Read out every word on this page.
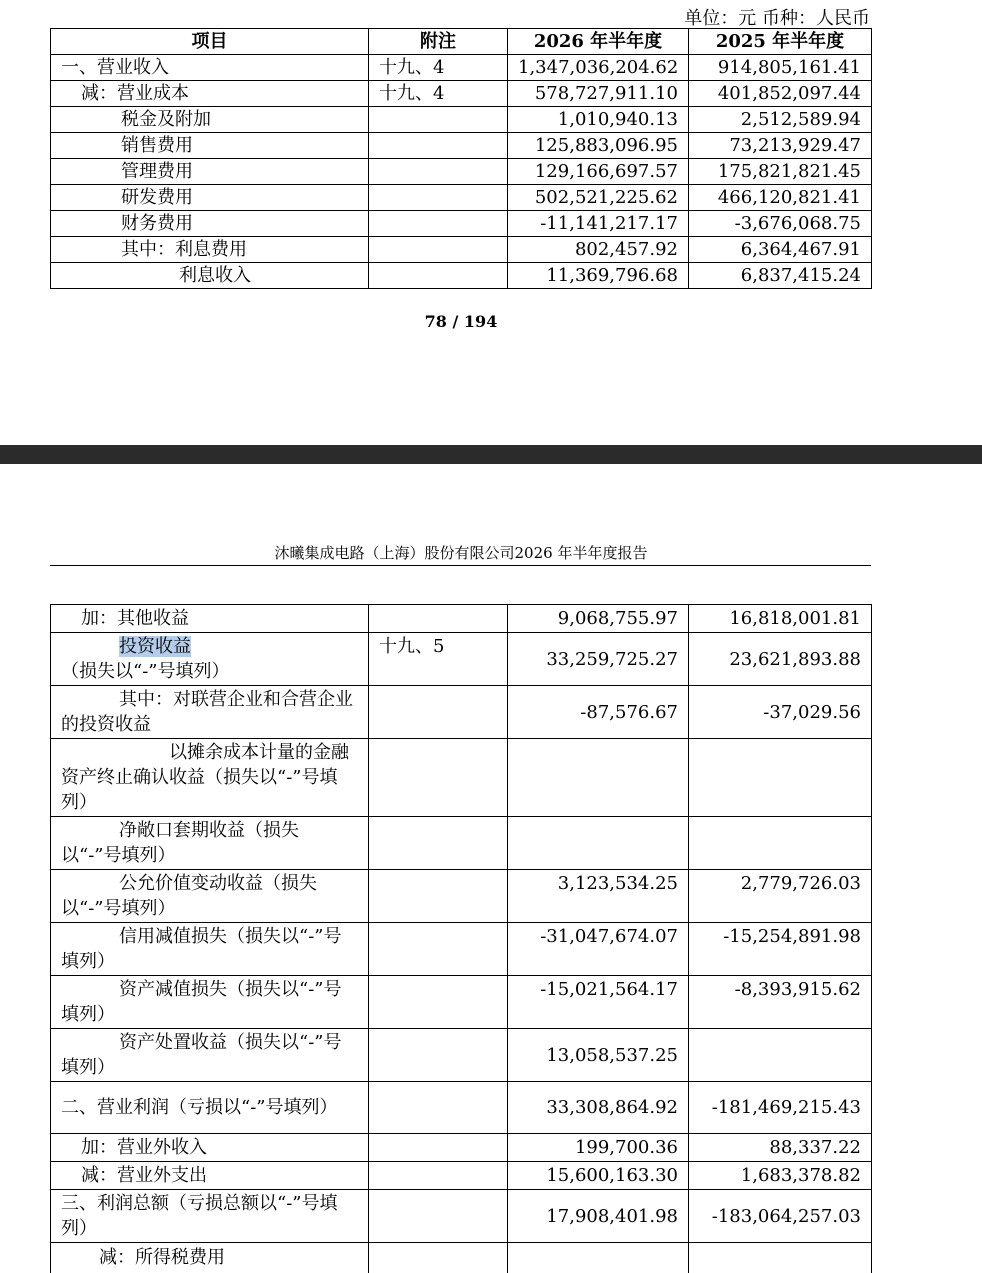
单位：元 币种：人民币
项目	附注	2026 年半年度	2025 年半年度
一、营业收入	十九、4	1,347,036,204.62	914,805,161.41
减：营业成本	十九、4	578,727,911.10	401,852,097.44
税金及附加		1,010,940.13	2,512,589.94
销售费用		125,883,096.95	73,213,929.47
管理费用		129,166,697.57	175,821,821.45
研发费用		502,521,225.62	466,120,821.41
财务费用		-11,141,217.17	-3,676,068.75
其中：利息费用		802,457.92	6,364,467.91
利息收入		11,369,796.68	6,837,415.24
78 / 194
沐曦集成电路（上海）股份有限公司2026 年半年度报告
加：其他收益		9,068,755.97	16,818,001.81
投资收益（损失以“-”号填列）	十九、5	33,259,725.27	23,621,893.88
其中：对联营企业和合营企业的投资收益		-87,576.67	-37,029.56
以摊余成本计量的金融资产终止确认收益（损失以“-”号填列）			
净敞口套期收益（损失以“-”号填列）			
公允价值变动收益（损失以“-”号填列）		3,123,534.25	2,779,726.03
信用减值损失（损失以“-”号填列）		-31,047,674.07	-15,254,891.98
资产减值损失（损失以“-”号填列）		-15,021,564.17	-8,393,915.62
资产处置收益（损失以“-”号填列）		13,058,537.25	
二、营业利润（亏损以“-”号填列）		33,308,864.92	-181,469,215.43
加：营业外收入		199,700.36	88,337.22
减：营业外支出		15,600,163.30	1,683,378.82
三、利润总额（亏损总额以“-”号填列）		17,908,401.98	-183,064,257.03
减：所得税费用			
